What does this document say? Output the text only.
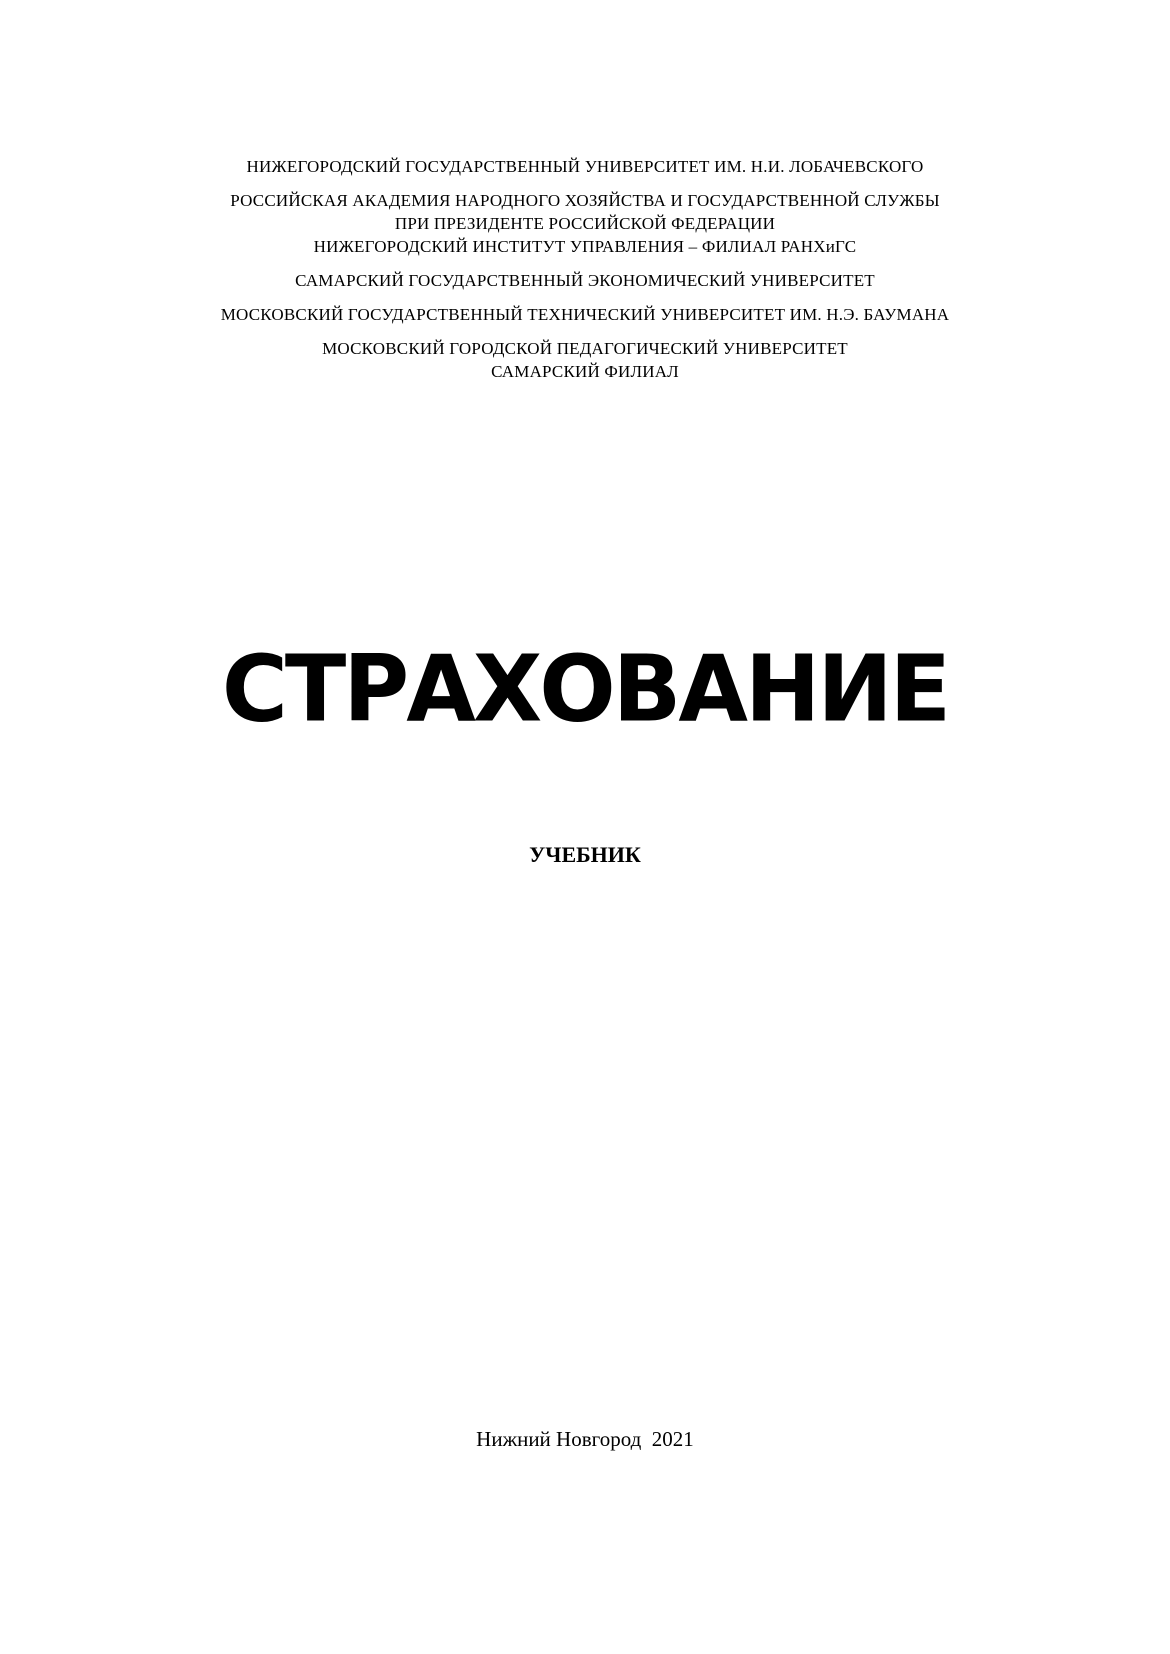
НИЖЕГОРОДСКИЙ ГОСУДАРСТВЕННЫЙ УНИВЕРСИТЕТ ИМ. Н.И. ЛОБАЧЕВСКОГО
РОССИЙСКАЯ АКАДЕМИЯ НАРОДНОГО ХОЗЯЙСТВА И ГОСУДАРСТВЕННОЙ СЛУЖБЫ
ПРИ ПРЕЗИДЕНТЕ РОССИЙСКОЙ ФЕДЕРАЦИИ
НИЖЕГОРОДСКИЙ ИНСТИТУТ УПРАВЛЕНИЯ – ФИЛИАЛ РАНХиГС
САМАРСКИЙ ГОСУДАРСТВЕННЫЙ ЭКОНОМИЧЕСКИЙ УНИВЕРСИТЕТ
МОСКОВСКИЙ ГОСУДАРСТВЕННЫЙ ТЕХНИЧЕСКИЙ УНИВЕРСИТЕТ ИМ. Н.Э. БАУМАНА
МОСКОВСКИЙ ГОРОДСКОЙ ПЕДАГОГИЧЕСКИЙ УНИВЕРСИТЕТ
САМАРСКИЙ ФИЛИАЛ
СТРАХОВАНИЕ
УЧЕБНИК
Нижний Новгород  2021
